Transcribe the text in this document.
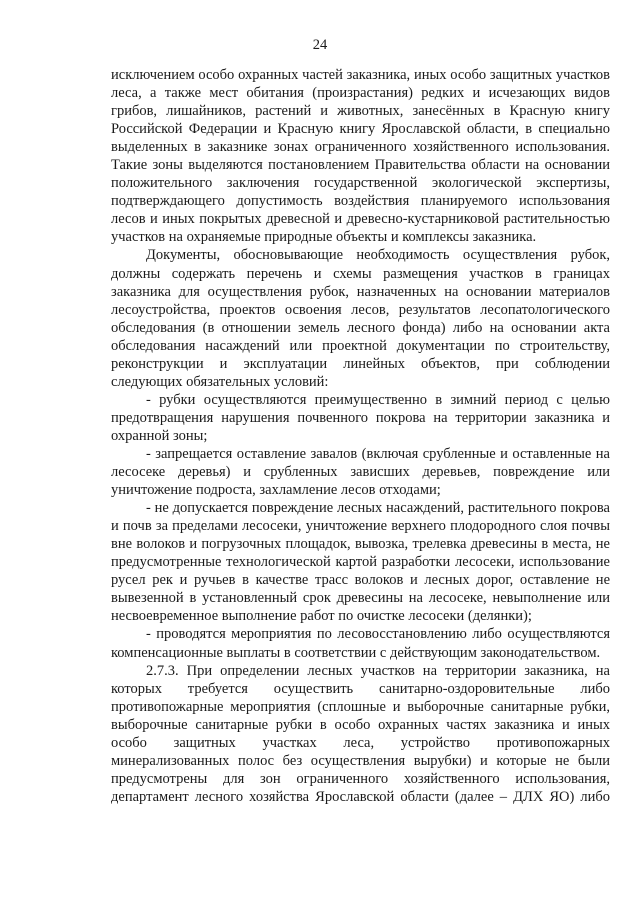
24

исключением особо охранных частей заказника, иных особо защитных участков леса, а также мест обитания (произрастания) редких и исчезающих видов грибов, лишайников, растений и животных, занесённых в Красную книгу Российской Федерации и Красную книгу Ярославской области, в специально выделенных в заказнике зонах ограниченного хозяйственного использования. Такие зоны выделяются постановлением Правительства области на основании положительного заключения государственной экологической экспертизы, подтверждающего допустимость воздействия планируемого использования лесов и иных покрытых древесной и древесно-кустарниковой растительностью участков на охраняемые природные объекты и комплексы заказника.

Документы, обосновывающие необходимость осуществления рубок, должны содержать перечень и схемы размещения участков в границах заказника для осуществления рубок, назначенных на основании материалов лесоустройства, проектов освоения лесов, результатов лесопатологического обследования (в отношении земель лесного фонда) либо на основании акта обследования насаждений или проектной документации по строительству, реконструкции и эксплуатации линейных объектов, при соблюдении следующих обязательных условий:

- рубки осуществляются преимущественно в зимний период с целью предотвращения нарушения почвенного покрова на территории заказника и охранной зоны;

- запрещается оставление завалов (включая срубленные и оставленные на лесосеке деревья) и срубленных зависших деревьев, повреждение или уничтожение подроста, захламление лесов отходами;

- не допускается повреждение лесных насаждений, растительного покрова и почв за пределами лесосеки, уничтожение верхнего плодородного слоя почвы вне волоков и погрузочных площадок, вывозка, трелевка древесины в места, не предусмотренные технологической картой разработки лесосеки, использование русел рек и ручьев в качестве трасс волоков и лесных дорог, оставление не вывезенной в установленный срок древесины на лесосеке, невыполнение или несвоевременное выполнение работ по очистке лесосеки (делянки);

- проводятся мероприятия по лесовосстановлению либо осуществляются компенсационные выплаты в соответствии с действующим законодательством.

2.7.3. При определении лесных участков на территории заказника, на которых требуется осуществить санитарно-оздоровительные либо противопожарные мероприятия (сплошные и выборочные санитарные рубки, выборочные санитарные рубки в особо охранных частях заказника и иных особо защитных участках леса, устройство противопожарных минерализованных полос без осуществления вырубки) и которые не были предусмотрены для зон ограниченного хозяйственного использования, департамент лесного хозяйства Ярославской области (далее – ДЛХ ЯО) либо
